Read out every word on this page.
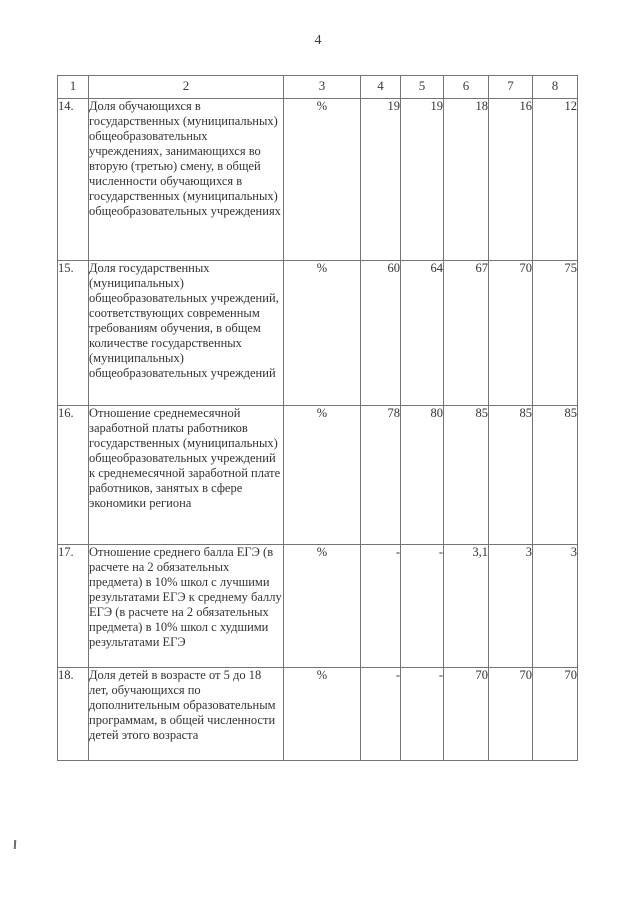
4
1	2	3	4	5	6	7	8
14.	Доля обучающихся в государственных (муниципальных) общеобразовательных учреждениях, занимающихся во вторую (третью) смену, в общей численности обучающихся в государственных (муниципальных) общеобразовательных учреждениях	%	19	19	18	16	12
15.	Доля государственных (муниципальных) общеобразовательных учреждений, соответствующих современным требованиям обучения, в общем количестве государственных (муниципальных) общеобразовательных учреждений	%	60	64	67	70	75
16.	Отношение среднемесячной заработной платы работников государственных (муниципальных) общеобразовательных учреждений к среднемесячной заработной плате работников, занятых в сфере экономики региона	%	78	80	85	85	85
17.	Отношение среднего балла ЕГЭ (в расчете на 2 обязательных предмета) в 10% школ с лучшими результатами ЕГЭ к среднему баллу ЕГЭ (в расчете на 2 обязательных предмета) в 10% школ с худшими результатами ЕГЭ	%	-	-	3,1	3	3
18.	Доля детей в возрасте от 5 до 18 лет, обучающихся по дополнительным образовательным программам, в общей численности детей этого возраста	%	-	-	70	70	70
